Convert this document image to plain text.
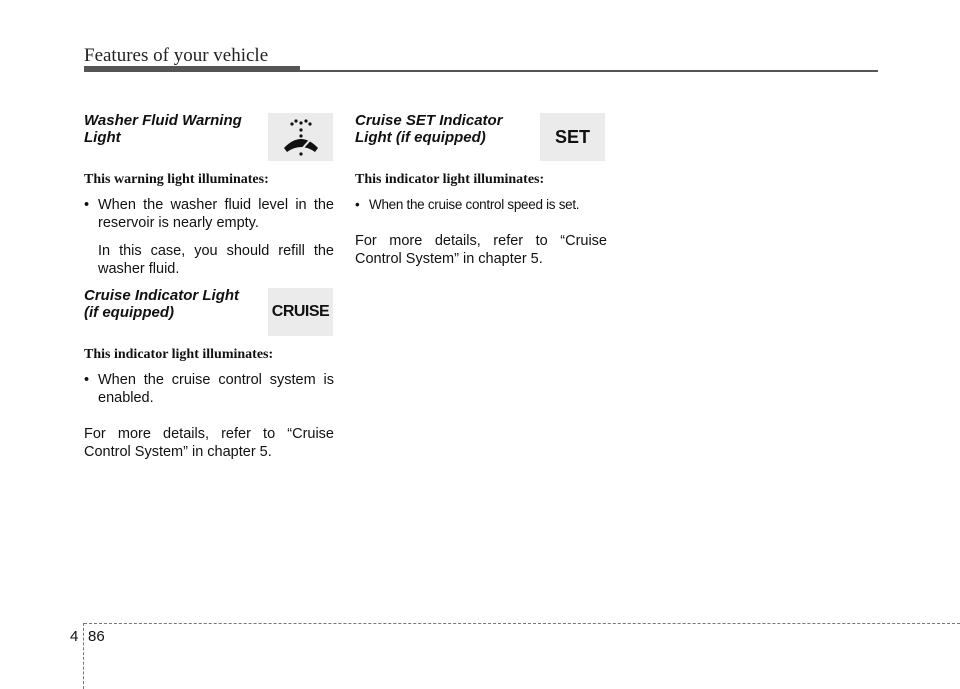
Features of your vehicle
Washer Fluid Warning
Light
This warning light illuminates:
• When the washer fluid level in the reservoir is nearly empty.
In this case, you should refill the washer fluid.
Cruise Indicator Light
(if equipped)	CRUISE
This indicator light illuminates:
• When the cruise control system is enabled.
For more details, refer to “Cruise Control System” in chapter 5.
Cruise SET Indicator
Light (if equipped)	SET
This indicator light illuminates:
• When the cruise control speed is set.
For more details, refer to “Cruise Control System” in chapter 5.
4 86
